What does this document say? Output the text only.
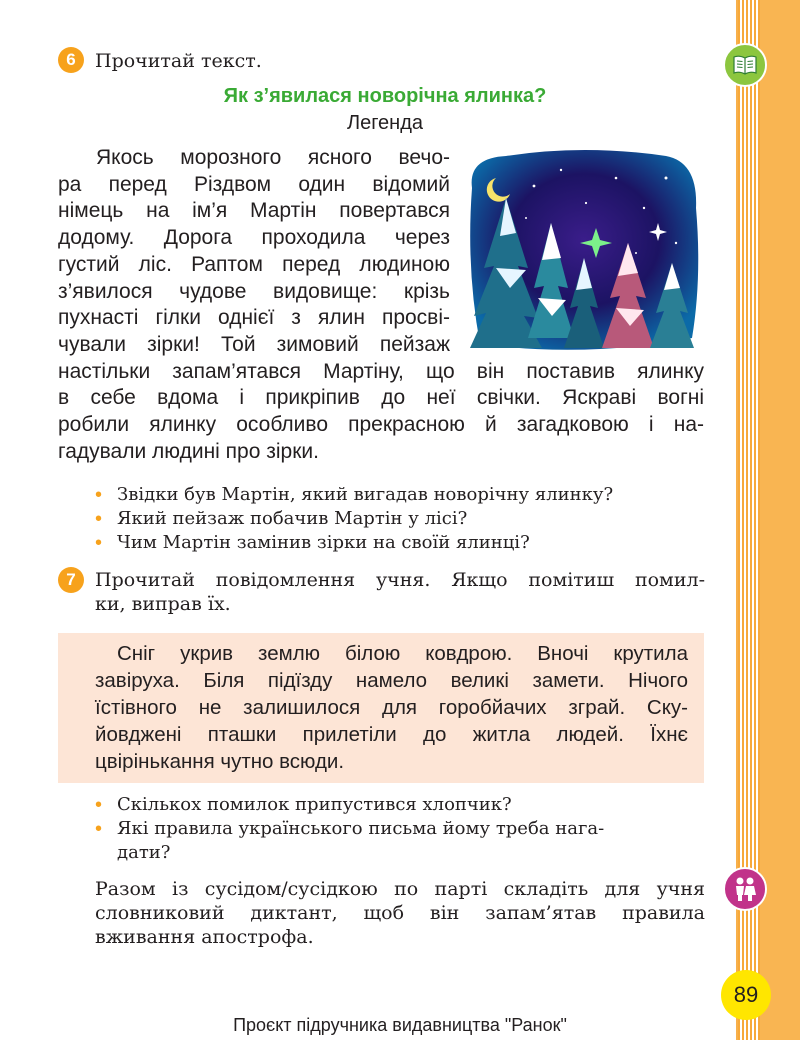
6	Прочитай текст.
Як з’явилася новорічна ялинка?
Легенда
Якось морозного ясного вечо-
ра перед Різдвом один відомий
німець на ім’я Мартін повертався
додому. Дорога проходила через
густий ліс. Раптом перед людиною
з’явилося чудове видовище: крізь
пухнасті гілки однієї з ялин просві-
чували зірки! Той зимовий пейзаж
настільки запам’ятався Мартіну, що він поставив ялинку
в себе вдома і прикріпив до неї свічки. Яскраві вогні
робили ялинку особливо прекрасною й загадковою і на-
гадували людині про зірки.
• Звідки був Мартін, який вигадав новорічну ялинку?
• Який пейзаж побачив Мартін у лісі?
• Чим Мартін замінив зірки на своїй ялинці?
7	Прочитай повідомлення учня. Якщо помітиш помил-
ки, виправ їх.
Сніг укрив землю білою ковдрою. Вночі крутила
завіруха. Біля підїзду намело великі замети. Нічого
їстівного не залишилося для горобйачих зграй. Ску-
йовджені пташки прилетіли до житла людей. Їхнє
цвірінькання чутно всюди.
• Скількох помилок припустився хлопчик?
• Які правила українського письма йому треба нага-
дати?
Разом із сусідом/сусідкою по парті складіть для учня
словниковий диктант, щоб він запам’ятав правила
вживання апострофа.
89
Проєкт підручника видавництва "Ранок"
